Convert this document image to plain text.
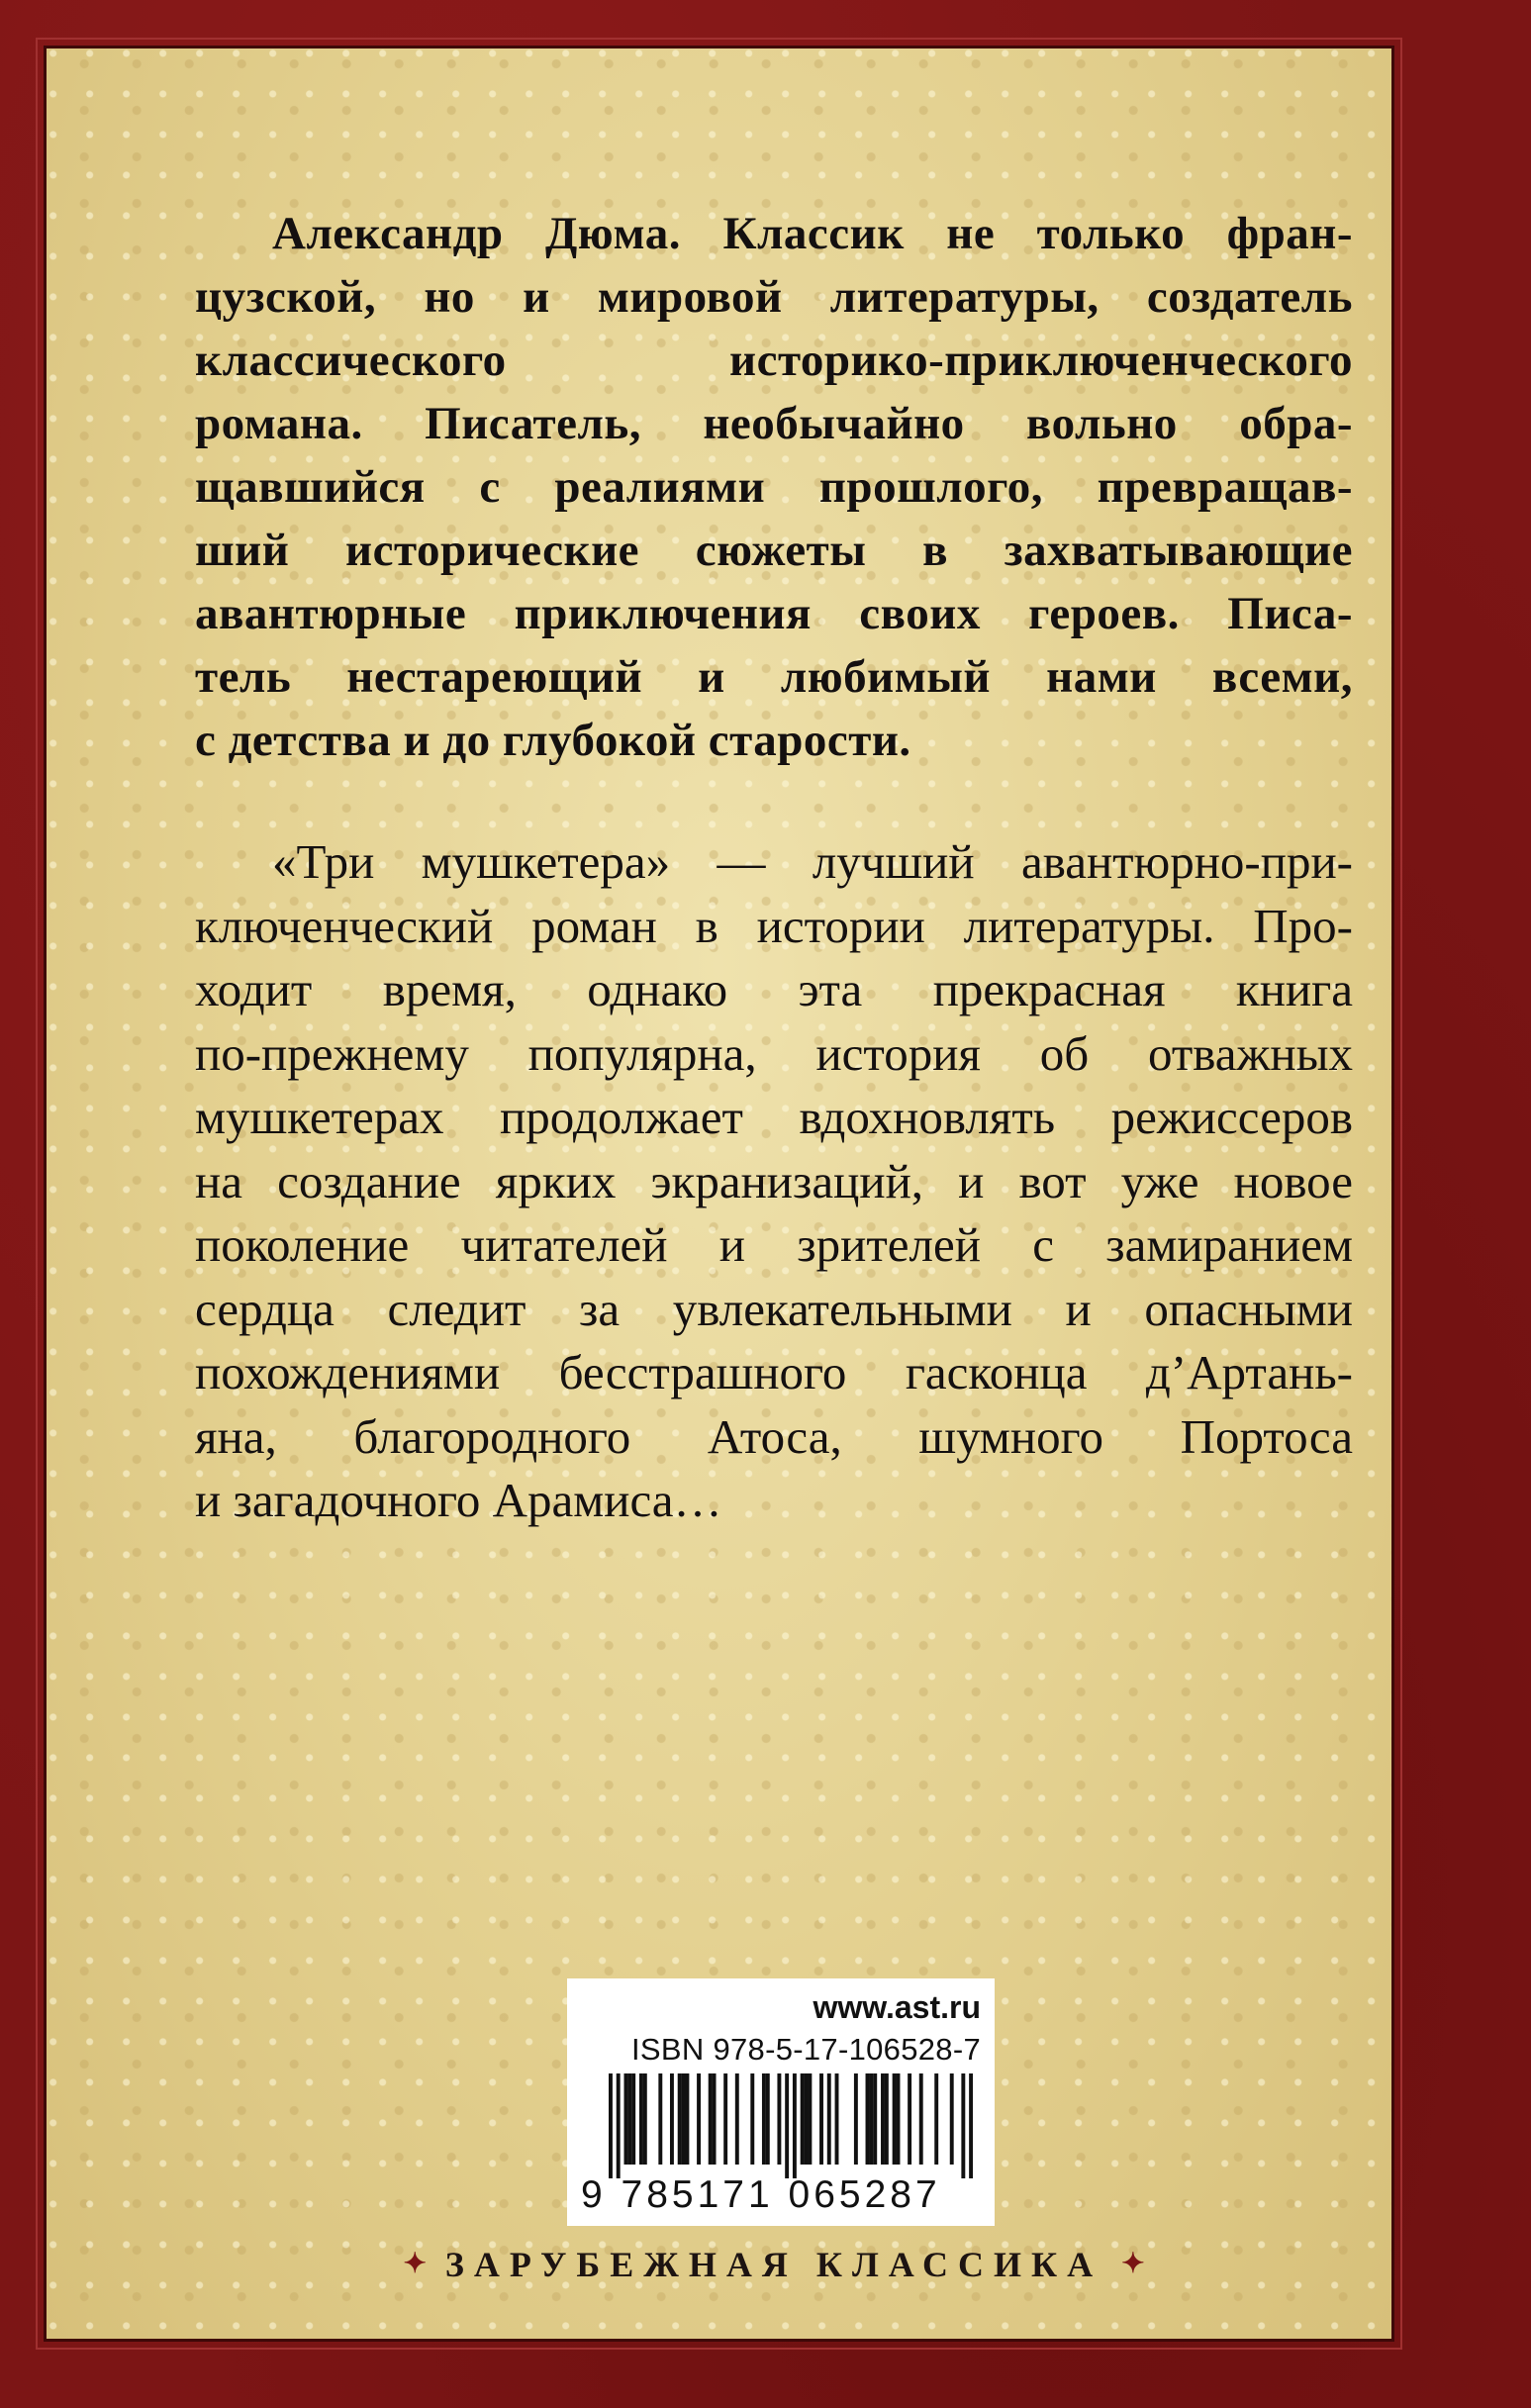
Александр Дюма. Классик не только фран-
цузской, но и мировой литературы, создатель
классического историко-приключенческого
романа. Писатель, необычайно вольно обра-
щавшийся с реалиями прошлого, превращав-
ший исторические сюжеты в захватывающие
авантюрные приключения своих героев. Писа-
тель нестареющий и любимый нами всеми,
с детства и до глубокой старости.
«Три мушкетера» — лучший авантюрно-при-
ключенческий роман в истории литературы. Про-
ходит время, однако эта прекрасная книга
по-прежнему популярна, история об отважных
мушкетерах продолжает вдохновлять режиссеров
на создание ярких экранизаций, и вот уже новое
поколение читателей и зрителей с замиранием
сердца следит за увлекательными и опасными
похождениями бесстрашного гасконца д’Артань-
яна, благородного Атоса, шумного Портоса
и загадочного Арамиса…
www.ast.ru
ISBN 978-5-17-106528-7
9 785171 065287
✦ ЗАРУБЕЖНАЯ КЛАССИКА ✦
